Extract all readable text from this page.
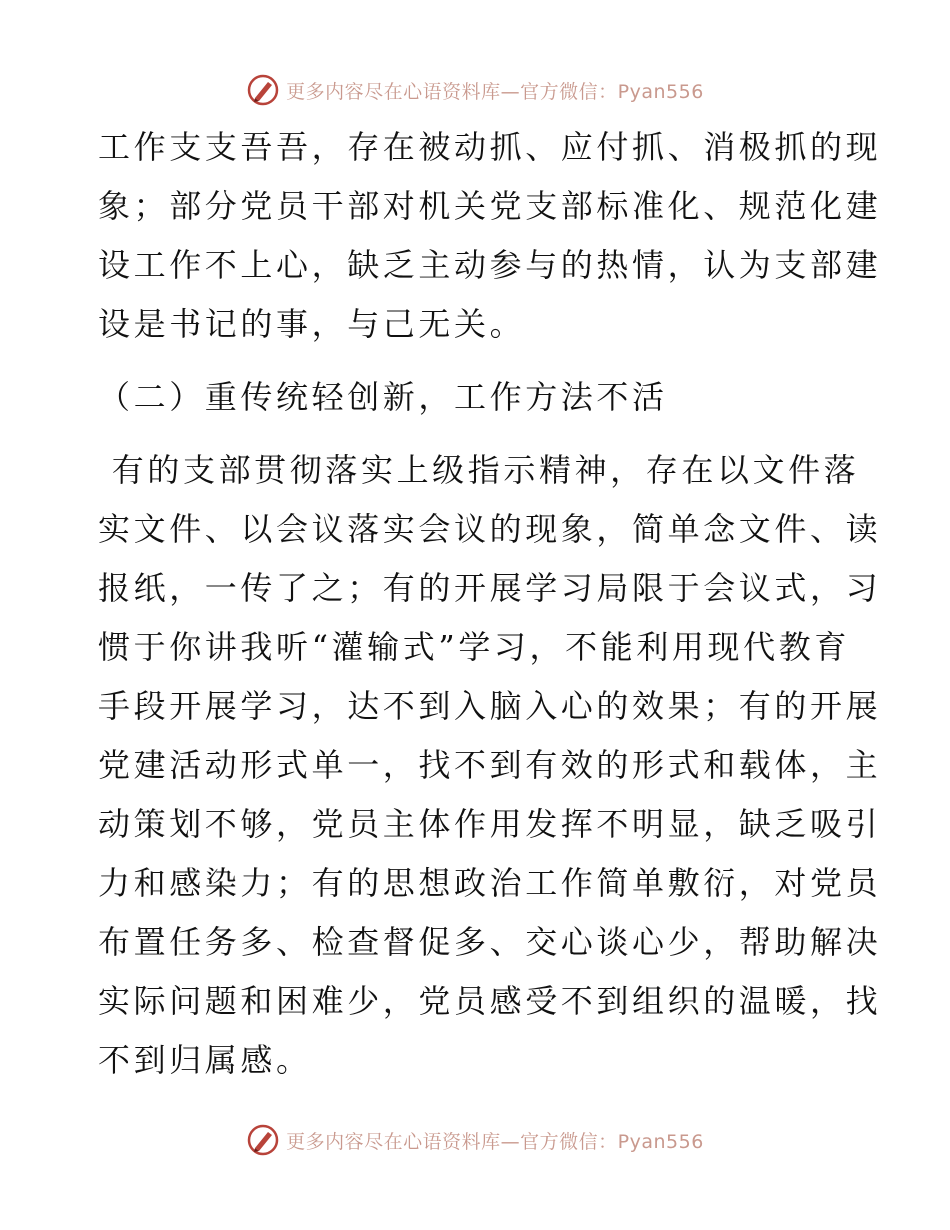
更多内容尽在心语资料库—官方微信：Pyan556

工作支支吾吾，存在被动抓、应付抓、消极抓的现

象；部分党员干部对机关党支部标准化、规范化建

设工作不上心，缺乏主动参与的热情，认为支部建

设是书记的事，与己无关。

（二）重传统轻创新，工作方法不活

有的支部贯彻落实上级指示精神，存在以文件落

实文件、以会议落实会议的现象，简单念文件、读

报纸，一传了之；有的开展学习局限于会议式，习

惯于你讲我听“灌输式”学习，不能利用现代教育

手段开展学习，达不到入脑入心的效果；有的开展

党建活动形式单一，找不到有效的形式和载体，主

动策划不够，党员主体作用发挥不明显，缺乏吸引

力和感染力；有的思想政治工作简单敷衍，对党员

布置任务多、检查督促多、交心谈心少，帮助解决

实际问题和困难少，党员感受不到组织的温暖，找

不到归属感。

更多内容尽在心语资料库—官方微信：Pyan556
